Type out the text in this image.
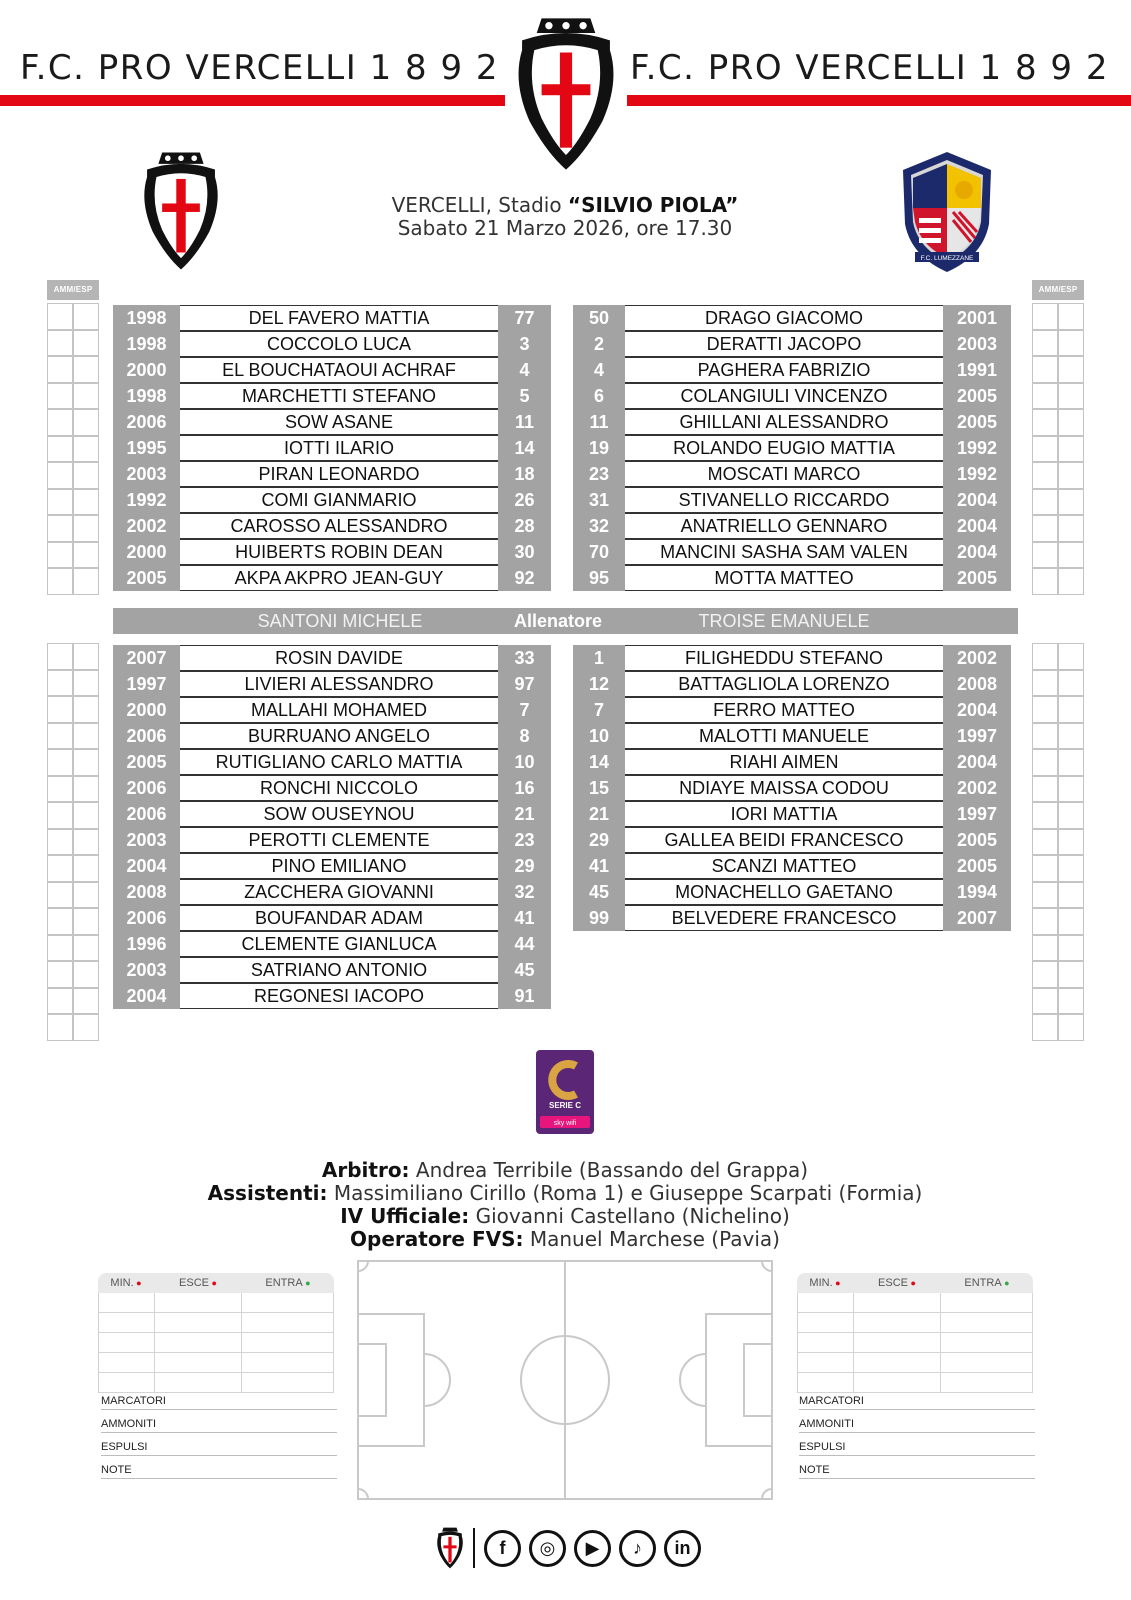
F.C. PRO VERCELLI 1 8 9 2	F.C. PRO VERCELLI 1 8 9 2
F.C. LUMEZZANE
VERCELLI, Stadio “SILVIO PIOLA”
Sabato 21 Marzo 2026, ore 17.30
AMM/ESP	AMM/ESP
1998	DEL FAVERO MATTIA	77
1998	COCCOLO LUCA	3
2000	EL BOUCHATAOUI ACHRAF	4
1998	MARCHETTI STEFANO	5
2006	SOW ASANE	11
1995	IOTTI ILARIO	14
2003	PIRAN LEONARDO	18
1992	COMI GIANMARIO	26
2002	CAROSSO ALESSANDRO	28
2000	HUIBERTS ROBIN DEAN	30
2005	AKPA AKPRO JEAN-GUY	92
50	DRAGO GIACOMO	2001
2	DERATTI JACOPO	2003
4	PAGHERA FABRIZIO	1991
6	COLANGIULI VINCENZO	2005
11	GHILLANI ALESSANDRO	2005
19	ROLANDO EUGIO MATTIA	1992
23	MOSCATI MARCO	1992
31	STIVANELLO RICCARDO	2004
32	ANATRIELLO GENNARO	2004
70	MANCINI SASHA SAM VALEN	2004
95	MOTTA MATTEO	2005
SANTONI MICHELE	Allenatore	TROISE EMANUELE
2007	ROSIN DAVIDE	33
1997	LIVIERI ALESSANDRO	97
2000	MALLAHI MOHAMED	7
2006	BURRUANO ANGELO	8
2005	RUTIGLIANO CARLO MATTIA	10
2006	RONCHI NICCOLO	16
2006	SOW OUSEYNOU	21
2003	PEROTTI CLEMENTE	23
2004	PINO EMILIANO	29
2008	ZACCHERA GIOVANNI	32
2006	BOUFANDAR ADAM	41
1996	CLEMENTE GIANLUCA	44
2003	SATRIANO ANTONIO	45
2004	REGONESI IACOPO	91
1	FILIGHEDDU STEFANO	2002
12	BATTAGLIOLA LORENZO	2008
7	FERRO MATTEO	2004
10	MALOTTI MANUELE	1997
14	RIAHI AIMEN	2004
15	NDIAYE MAISSA CODOU	2002
21	IORI MATTIA	1997
29	GALLEA BEIDI FRANCESCO	2005
41	SCANZI MATTEO	2005
45	MONACHELLO GAETANO	1994
99	BELVEDERE FRANCESCO	2007
SERIE C
sky wifi
Arbitro: Andrea Terribile (Bassando del Grappa)
Assistenti: Massimiliano Cirillo (Roma 1) e Giuseppe Scarpati (Formia)
IV Ufficiale: Giovanni Castellano (Nichelino)
Operatore FVS: Manuel Marchese (Pavia)
MIN. ●	ESCE ●	ENTRA ●	MIN. ●	ESCE ●	ENTRA ●
MARCATORI
AMMONITI
ESPULSI
NOTE
MARCATORI
AMMONITI
ESPULSI
NOTE
f	◎	▶	♪	in
